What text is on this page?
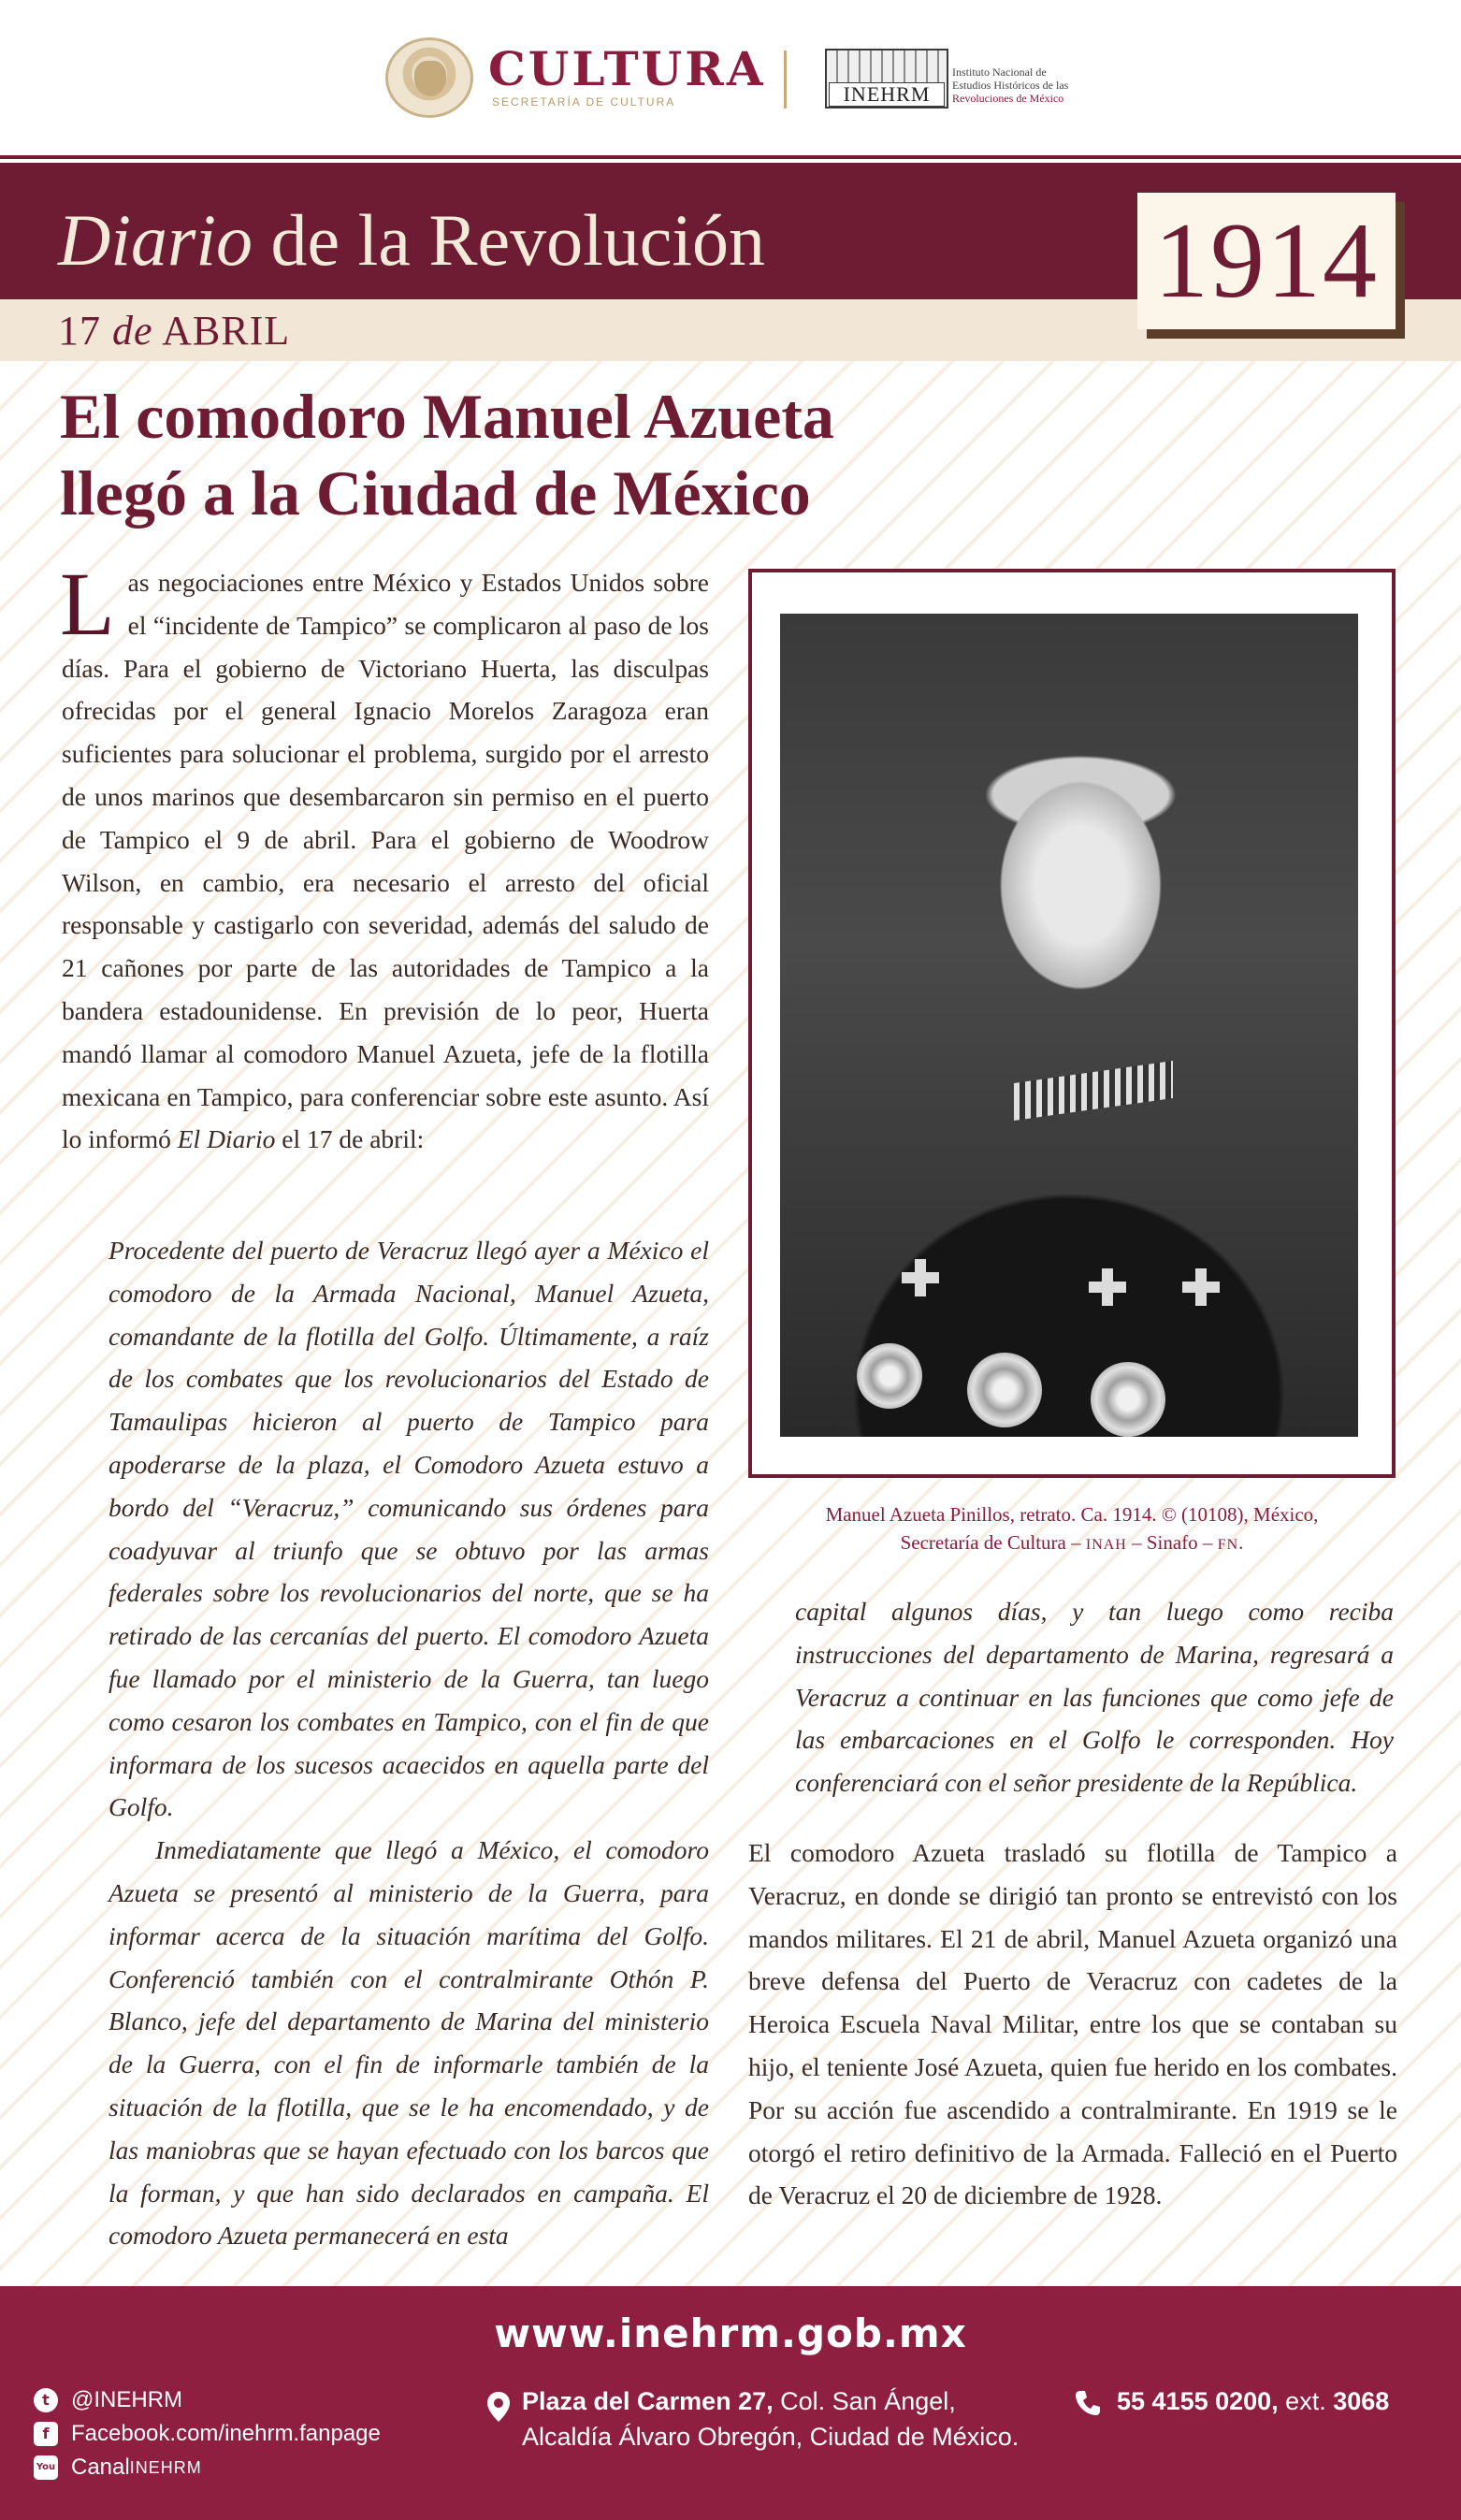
CULTURA
SECRETARÍA DE CULTURA	INEHRM
Instituto Nacional de
Estudios Históricos de las
Revoluciones de México
Diario de la Revolución
17 de ABRIL
1914
El comodoro Manuel Azueta
llegó a la Ciudad de México
Las negociaciones entre México y Estados Unidos sobre el “incidente de Tampico” se complicaron al paso de los días. Para el gobierno de Victoriano Huerta, las disculpas ofrecidas por el general Ignacio Morelos Zaragoza eran suficientes para solucionar el problema, surgido por el arresto de unos marinos que desembarcaron sin permiso en el puerto de Tampico el 9 de abril. Para el gobierno de Woodrow Wilson, en cambio, era necesario el arresto del oficial responsable y castigarlo con severidad, además del saludo de 21 cañones por parte de las autoridades de Tampico a la bandera estadounidense. En previsión de lo peor, Huerta mandó llamar al comodoro Manuel Azueta, jefe de la flotilla mexicana en Tampico, para conferenciar sobre este asunto. Así lo informó El Diario el 17 de abril:

Procedente del puerto de Veracruz llegó ayer a México el comodoro de la Armada Nacional, Manuel Azueta, comandante de la flotilla del Golfo. Últimamente, a raíz de los combates que los revolucionarios del Estado de Tamaulipas hicieron al puerto de Tampico para apoderarse de la plaza, el Comodoro Azueta estuvo a bordo del “Veracruz,” comunicando sus órdenes para coadyuvar al triunfo que se obtuvo por las armas federales sobre los revolucionarios del norte, que se ha retirado de las cercanías del puerto. El comodoro Azueta fue llamado por el ministerio de la Guerra, tan luego como cesaron los combates en Tampico, con el fin de que informara de los sucesos acaecidos en aquella parte del Golfo.

Inmediatamente que llegó a México, el comodoro Azueta se presentó al ministerio de la Guerra, para informar acerca de la situación marítima del Golfo. Conferenció también con el contralmirante Othón P. Blanco, jefe del departamento de Marina del ministerio de la Guerra, con el fin de informarle también de la situación de la flotilla, que se le ha encomendado, y de las maniobras que se hayan efectuado con los barcos que la forman, y que han sido declarados en campaña. El comodoro Azueta permanecerá en esta

Manuel Azueta Pinillos, retrato. Ca. 1914. © (10108), México,
Secretaría de Cultura – INAH – Sinafo – FN.

capital algunos días, y tan luego como reciba instrucciones del departamento de Marina, regresará a Veracruz a continuar en las funciones que como jefe de las embarcaciones en el Golfo le corresponden. Hoy conferenciará con el señor presidente de la República.

El comodoro Azueta trasladó su flotilla de Tampico a Veracruz, en donde se dirigió tan pronto se entrevistó con los mandos militares. El 21 de abril, Manuel Azueta organizó una breve defensa del Puerto de Veracruz con cadetes de la Heroica Escuela Naval Militar, entre los que se contaban su hijo, el teniente José Azueta, quien fue herido en los combates. Por su acción fue ascendido a contralmirante. En 1919 se le otorgó el retiro definitivo de la Armada. Falleció en el Puerto de Veracruz el 20 de diciembre de 1928.

www.inehrm.gob.mx
t @INEHRM
f Facebook.com/inehrm.fanpage
You Canal INEHRM
Plaza del Carmen 27, Col. San Ángel,
Alcaldía Álvaro Obregón, Ciudad de México.
55 4155 0200, ext. 3068
